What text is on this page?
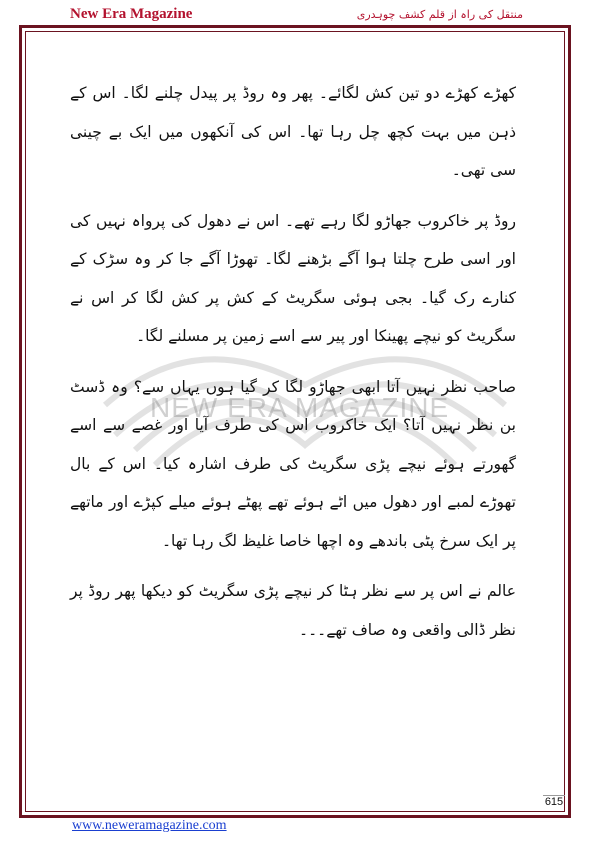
New Era Magazine	منتقل کی راہ از قلم کشف چوہدری
NEW ERA MAGAZINE

کھڑے کھڑے دو تین کش لگائے۔ پھر وہ روڈ پر پیدل چلنے لگا۔ اس کے ذہن میں بہت کچھ چل رہا تھا۔ اس کی آنکھوں میں ایک بے چینی سی تھی۔

روڈ پر خاکروب جھاڑو لگا رہے تھے۔ اس نے دھول کی پرواہ نہیں کی اور اسی طرح چلتا ہوا آگے بڑھنے لگا۔ تھوڑا آگے جا کر وہ سڑک کے کنارے رک گیا۔ بجی ہوئی سگریٹ کے کش پر کش لگا کر اس نے سگریٹ کو نیچے پھینکا اور پیر سے اسے زمین پر مسلنے لگا۔

صاحب نظر نہیں آتا ابھی جھاڑو لگا کر گیا ہوں یہاں سے؟ وہ ڈسٹ بن نظر نہیں آتا؟ ایک خاکروب اس کی طرف آیا اور غصے سے اسے گھورتے ہوئے نیچے پڑی سگریٹ کی طرف اشارہ کیا۔ اس کے بال تھوڑے لمبے اور دھول میں اٹے ہوئے تھے پھٹے ہوئے میلے کپڑے اور ماتھے پر ایک سرخ پٹی باندھے وہ اچھا خاصا غلیظ لگ رہا تھا۔

عالم نے اس پر سے نظر ہٹا کر نیچے پڑی سگریٹ کو دیکھا پھر روڈ پر نظر ڈالی واقعی وہ صاف تھے۔۔۔

615
www.neweramagazine.com
